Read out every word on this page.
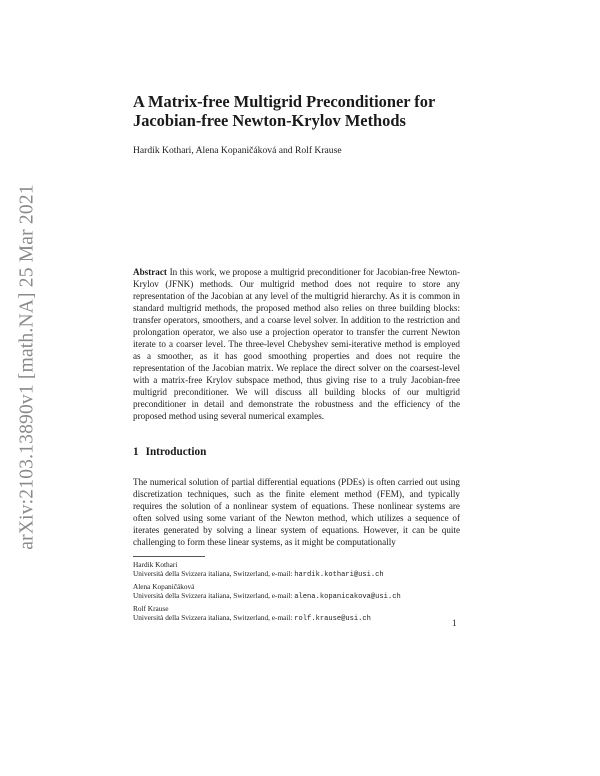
arXiv:2103.13890v1 [math.NA] 25 Mar 2021
A Matrix-free Multigrid Preconditioner for
Jacobian-free Newton-Krylov Methods
Hardik Kothari, Alena Kopaničáková and Rolf Krause

Abstract In this work, we propose a multigrid preconditioner for Jacobian-free Newton-Krylov (JFNK) methods. Our multigrid method does not require to store any representation of the Jacobian at any level of the multigrid hierarchy. As it is common in standard multigrid methods, the proposed method also relies on three building blocks: transfer operators, smoothers, and a coarse level solver. In addition to the restriction and prolongation operator, we also use a projection operator to transfer the current Newton iterate to a coarser level. The three-level Chebyshev semi-iterative method is employed as a smoother, as it has good smoothing properties and does not require the representation of the Jacobian matrix. We replace the direct solver on the coarsest-level with a matrix-free Krylov subspace method, thus giving rise to a truly Jacobian-free multigrid preconditioner. We will discuss all building blocks of our multigrid preconditioner in detail and demonstrate the robustness and the efficiency of the proposed method using several numerical examples.

1 Introduction

The numerical solution of partial differential equations (PDEs) is often carried out using discretization techniques, such as the finite element method (FEM), and typically requires the solution of a nonlinear system of equations. These nonlinear systems are often solved using some variant of the Newton method, which utilizes a sequence of iterates generated by solving a linear system of equations. However, it can be quite challenging to form these linear systems, as it might be computationally

Hardik Kothari
Università della Svizzera italiana, Switzerland, e-mail: hardik.kothari@usi.ch
Alena Kopaničáková
Università della Svizzera italiana, Switzerland, e-mail: alena.kopanicakova@usi.ch
Rolf Krause
Università della Svizzera italiana, Switzerland, e-mail: rolf.krause@usi.ch	1
